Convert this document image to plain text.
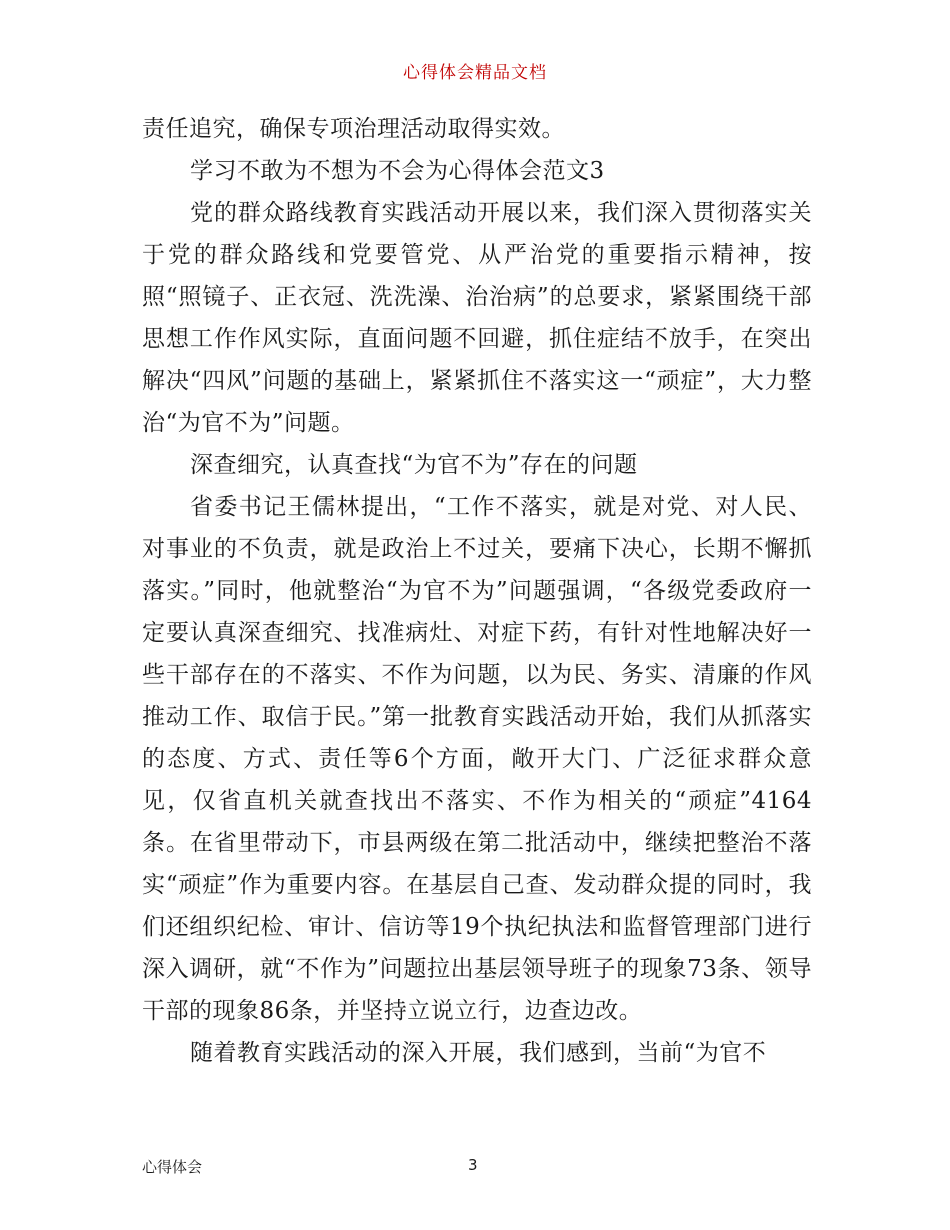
心得体会精品文档

责任追究，确保专项治理活动取得实效。

学习不敢为不想为不会为心得体会范文3

党的群众路线教育实践活动开展以来，我们深入贯彻落实关于党的群众路线和党要管党、从严治党的重要指示精神，按照“照镜子、正衣冠、洗洗澡、治治病”的总要求，紧紧围绕干部思想工作作风实际，直面问题不回避，抓住症结不放手，在突出解决“四风”问题的基础上，紧紧抓住不落实这一“顽症”，大力整治“为官不为”问题。

深查细究，认真查找“为官不为”存在的问题

省委书记王儒林提出，“工作不落实，就是对党、对人民、对事业的不负责，就是政治上不过关，要痛下决心，长期不懈抓落实。”同时，他就整治“为官不为”问题强调，“各级党委政府一定要认真深查细究、找准病灶、对症下药，有针对性地解决好一些干部存在的不落实、不作为问题，以为民、务实、清廉的作风推动工作、取信于民。”第一批教育实践活动开始，我们从抓落实的态度、方式、责任等6个方面，敞开大门、广泛征求群众意见，仅省直机关就查找出不落实、不作为相关的“顽症”4164条。在省里带动下，市县两级在第二批活动中，继续把整治不落实“顽症”作为重要内容。在基层自己查、发动群众提的同时，我们还组织纪检、审计、信访等19个执纪执法和监督管理部门进行深入调研，就“不作为”问题拉出基层领导班子的现象73条、领导干部的现象86条，并坚持立说立行，边查边改。

随着教育实践活动的深入开展，我们感到，当前“为官不

心得体会	3
